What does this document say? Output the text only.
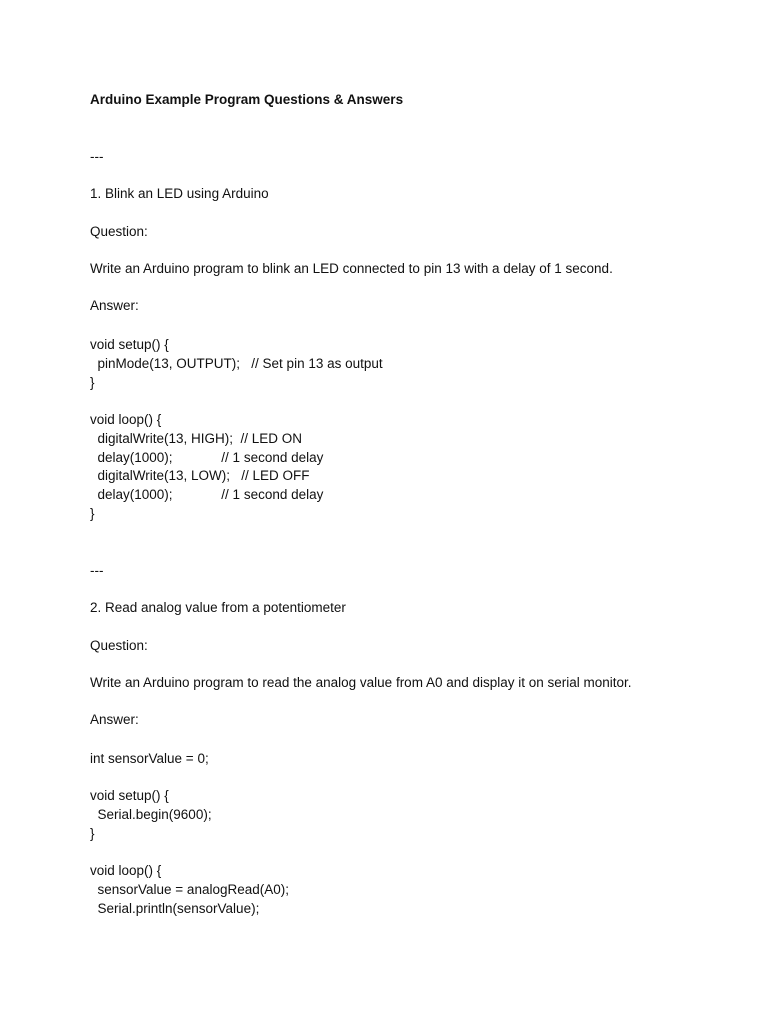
Arduino Example Program Questions & Answers
---
1. Blink an LED using Arduino
Question:
Write an Arduino program to blink an LED connected to pin 13 with a delay of 1 second.
Answer:
void setup() {
pinMode(13, OUTPUT);   // Set pin 13 as output
}
void loop() {
digitalWrite(13, HIGH);  // LED ON
delay(1000);             // 1 second delay
digitalWrite(13, LOW);   // LED OFF
delay(1000);             // 1 second delay
}
---
2. Read analog value from a potentiometer
Question:
Write an Arduino program to read the analog value from A0 and display it on serial monitor.
Answer:
int sensorValue = 0;
void setup() {
Serial.begin(9600);
}
void loop() {
sensorValue = analogRead(A0);
Serial.println(sensorValue);
